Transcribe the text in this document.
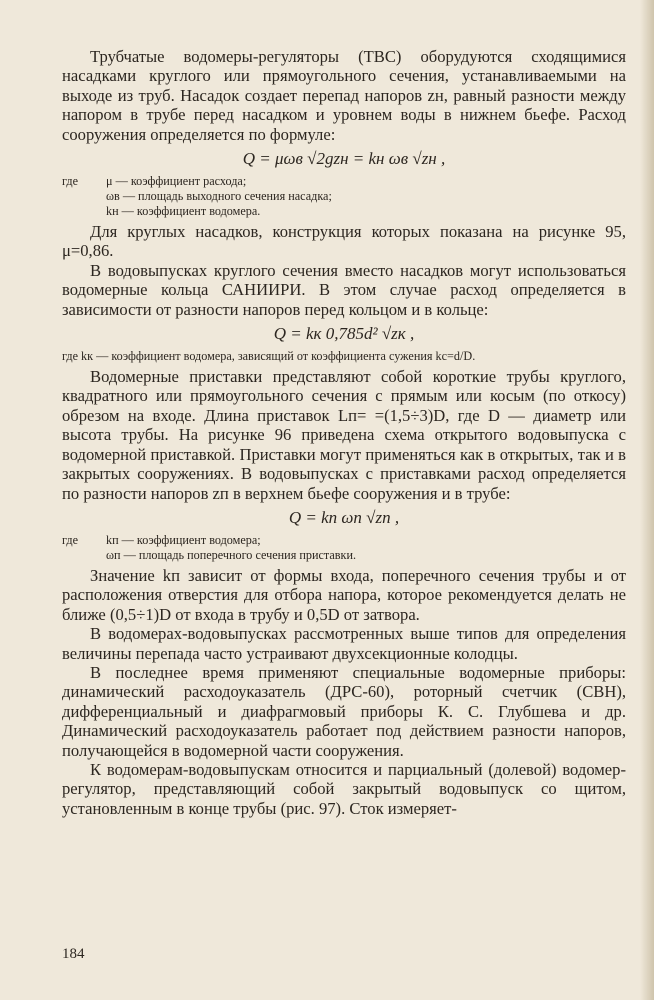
Трубчатые водомеры-регуляторы (ТВС) оборудуются сходящимися насадками круглого или прямоугольного сечения, устанавливаемыми на выходе из труб. Насадок создает перепад напоров zн, равный разности между напором в трубе перед насадком и уровнем воды в нижнем бьефе. Расход сооружения определяется по формуле:

Q = μωв √2gzн = kн ωв √zн ,
где	μ — коэффициент расхода;
ωв — площадь выходного сечения насадка;
kн — коэффициент водомера.

Для круглых насадков, конструкция которых показана на рисунке 95, μ=0,86.

В водовыпусках круглого сечения вместо насадков могут использоваться водомерные кольца САНИИРИ. В этом случае расход определяется в зависимости от разности напоров перед кольцом и в кольце:

Q = kк 0,785d² √zк ,
где kк — коэффициент водомера, зависящий от коэффициента сужения kс=d/D.

Водомерные приставки представляют собой короткие трубы круглого, квадратного или прямоугольного сечения с прямым или косым (по откосу) обрезом на входе. Длина приставок Lп= =(1,5÷3)D, где D — диаметр или высота трубы. На рисунке 96 приведена схема открытого водовыпуска с водомерной приставкой. Приставки могут применяться как в открытых, так и в закрытых сооружениях. В водовыпусках с приставками расход определяется по разности напоров zп в верхнем бьефе сооружения и в трубе:

Q = kп ωп √zп ,
где	kп — коэффициент водомера;
ωп — площадь поперечного сечения приставки.

Значение kп зависит от формы входа, поперечного сечения трубы и от расположения отверстия для отбора напора, которое рекомендуется делать не ближе (0,5÷1)D от входа в трубу и 0,5D от затвора.

В водомерах-водовыпусках рассмотренных выше типов для определения величины перепада часто устраивают двухсекционные колодцы.

В последнее время применяют специальные водомерные приборы: динамический расходоуказатель (ДРС-60), роторный счетчик (СВН), дифференциальный и диафрагмовый приборы К. С. Глубшева и др. Динамический расходоуказатель работает под действием разности напоров, получающейся в водомерной части сооружения.

К водомерам-водовыпускам относится и парциальный (долевой) водомер-регулятор, представляющий собой закрытый водовыпуск со щитом, установленным в конце трубы (рис. 97). Сток измеряет-

184
